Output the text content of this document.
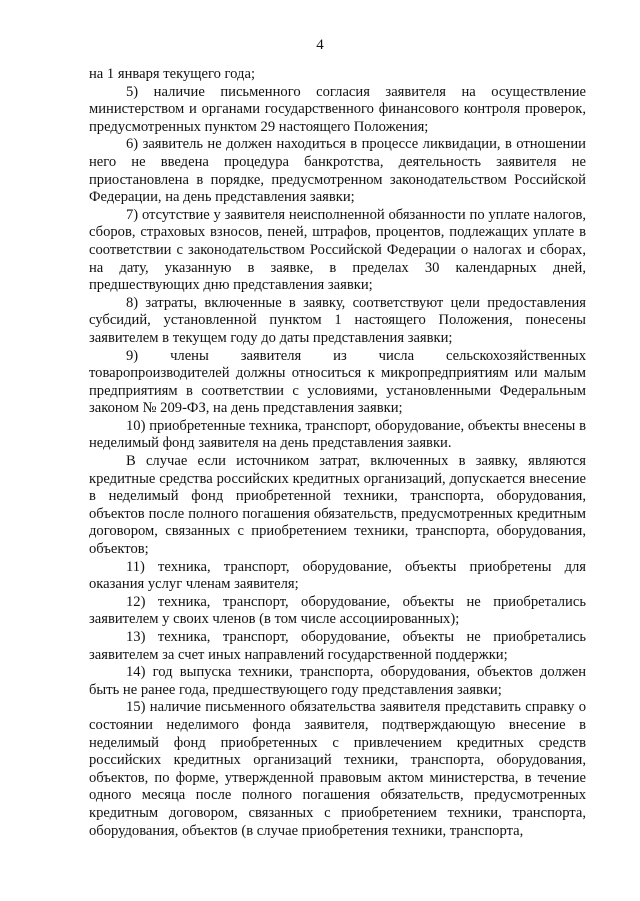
4

на 1 января текущего года;

5) наличие письменного согласия заявителя на осуществление министерством и органами государственного финансового контроля проверок, предусмотренных пунктом 29 настоящего Положения;

6) заявитель не должен находиться в процессе ликвидации, в отношении него не введена процедура банкротства, деятельность заявителя не приостановлена в порядке, предусмотренном законодательством Российской Федерации, на день представления заявки;

7) отсутствие у заявителя неисполненной обязанности по уплате налогов, сборов, страховых взносов, пеней, штрафов, процентов, подлежащих уплате в соответствии с законодательством Российской Федерации о налогах и сборах, на дату, указанную в заявке, в пределах 30 календарных дней, предшествующих дню представления заявки;

8) затраты, включенные в заявку, соответствуют цели предоставления субсидий, установленной пунктом 1 настоящего Положения, понесены заявителем в текущем году до даты представления заявки;

9) члены заявителя из числа сельскохозяйственных товаропроизводителей должны относиться к микропредприятиям или малым предприятиям в соответствии с условиями, установленными Федеральным законом № 209-ФЗ, на день представления заявки;

10) приобретенные техника, транспорт, оборудование, объекты внесены в неделимый фонд заявителя на день представления заявки.

В случае если источником затрат, включенных в заявку, являются кредитные средства российских кредитных организаций, допускается внесение в неделимый фонд приобретенной техники, транспорта, оборудования, объектов после полного погашения обязательств, предусмотренных кредитным договором, связанных с приобретением техники, транспорта, оборудования, объектов;

11) техника, транспорт, оборудование, объекты приобретены для оказания услуг членам заявителя;

12) техника, транспорт, оборудование, объекты не приобретались заявителем у своих членов (в том числе ассоциированных);

13) техника, транспорт, оборудование, объекты не приобретались заявителем за счет иных направлений государственной поддержки;

14) год выпуска техники, транспорта, оборудования, объектов должен быть не ранее года, предшествующего году представления заявки;

15) наличие письменного обязательства заявителя представить справку о состоянии неделимого фонда заявителя, подтверждающую внесение в неделимый фонд приобретенных с привлечением кредитных средств российских кредитных организаций техники, транспорта, оборудования, объектов, по форме, утвержденной правовым актом министерства, в течение одного месяца после полного погашения обязательств, предусмотренных кредитным договором, связанных с приобретением техники, транспорта, оборудования, объектов (в случае приобретения техники, транспорта,
